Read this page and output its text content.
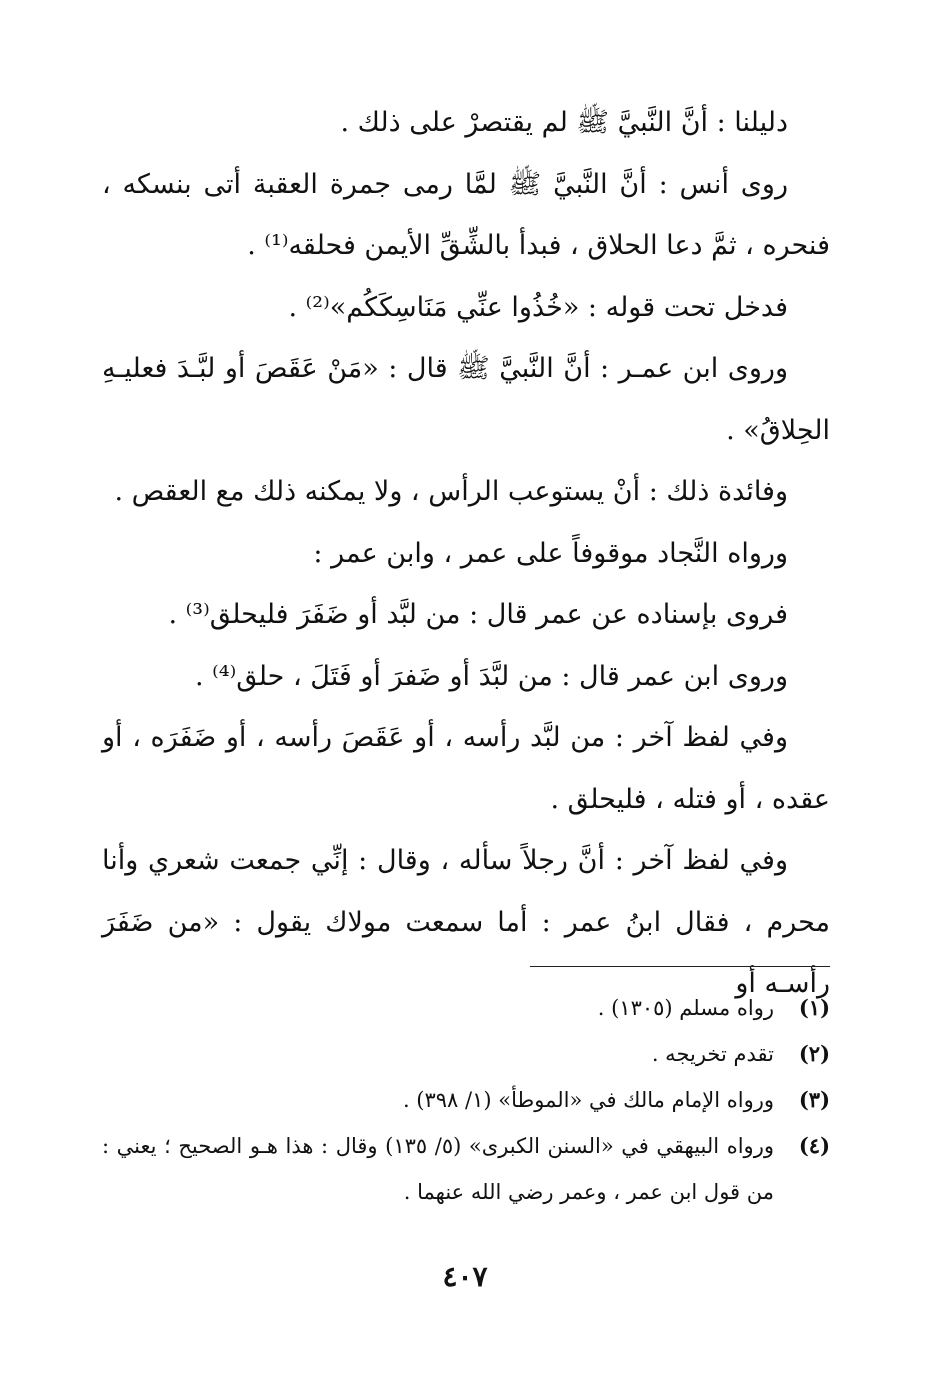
دليلنا : أنَّ النَّبيَّ ﷺ لم يقتصرْ على ذلك .

روى أنس : أنَّ النَّبيَّ ﷺ لمَّا رمى جمرة العقبة أتى بنسكه ، فنحره ، ثمَّ دعا الحلاق ، فبدأ بالشِّقِّ الأيمن فحلقه⁽¹⁾ .

فدخل تحت قوله : «خُذُوا عنِّي مَنَاسِكَكُم»⁽²⁾ .

وروى ابن عمـر : أنَّ النَّبيَّ ﷺ قال : «مَنْ عَقَصَ أو لبَّـدَ فعليـهِ الحِلاقُ» .

وفائدة ذلك : أنْ يستوعب الرأس ، ولا يمكنه ذلك مع العقص .

ورواه النَّجاد موقوفاً على عمر ، وابن عمر :

فروى بإسناده عن عمر قال : من لبَّد أو ضَفَرَ فليحلق⁽³⁾ .

وروى ابن عمر قال : من لبَّدَ أو ضَفرَ أو فَتَلَ ، حلق⁽⁴⁾ .

وفي لفظ آخر : من لبَّد رأسه ، أو عَقَصَ رأسه ، أو ضَفَرَه ، أو عقده ، أو فتله ، فليحلق .

وفي لفظ آخر : أنَّ رجلاً سأله ، وقال : إنِّي جمعت شعري وأنا محرم ، فقال ابنُ عمر : أما سمعت مولاك يقول : «من ضَفَرَ رأسـه أو

(١)
رواه مسلم (١٣٠٥) .
(٢)
تقدم تخريجه .
(٣)
ورواه الإمام مالك في «الموطأ» (١/ ٣٩٨) .
(٤)
ورواه البيهقي في «السنن الكبرى» (٥/ ١٣٥) وقال : هذا هـو الصحيح ؛ يعني : من قول ابن عمر ، وعمر رضي الله عنهما .
٤٠٧
